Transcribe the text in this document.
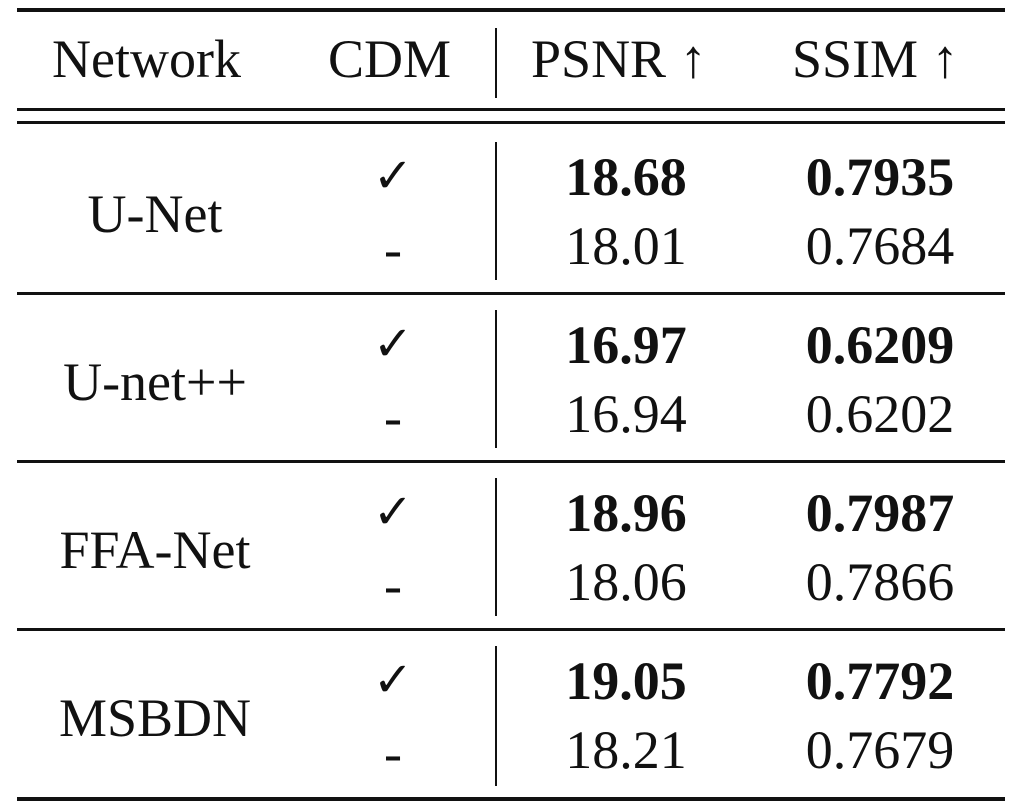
Network CDM PSNR ↑ SSIM ↑
U-Net
✓
-
18.68
18.01
0.7935
0.7684
U-net++
✓
-
16.97
16.94
0.6209
0.6202
FFA-Net
✓
-
18.96
18.06
0.7987
0.7866
MSBDN
✓
-
19.05
18.21
0.7792
0.7679
